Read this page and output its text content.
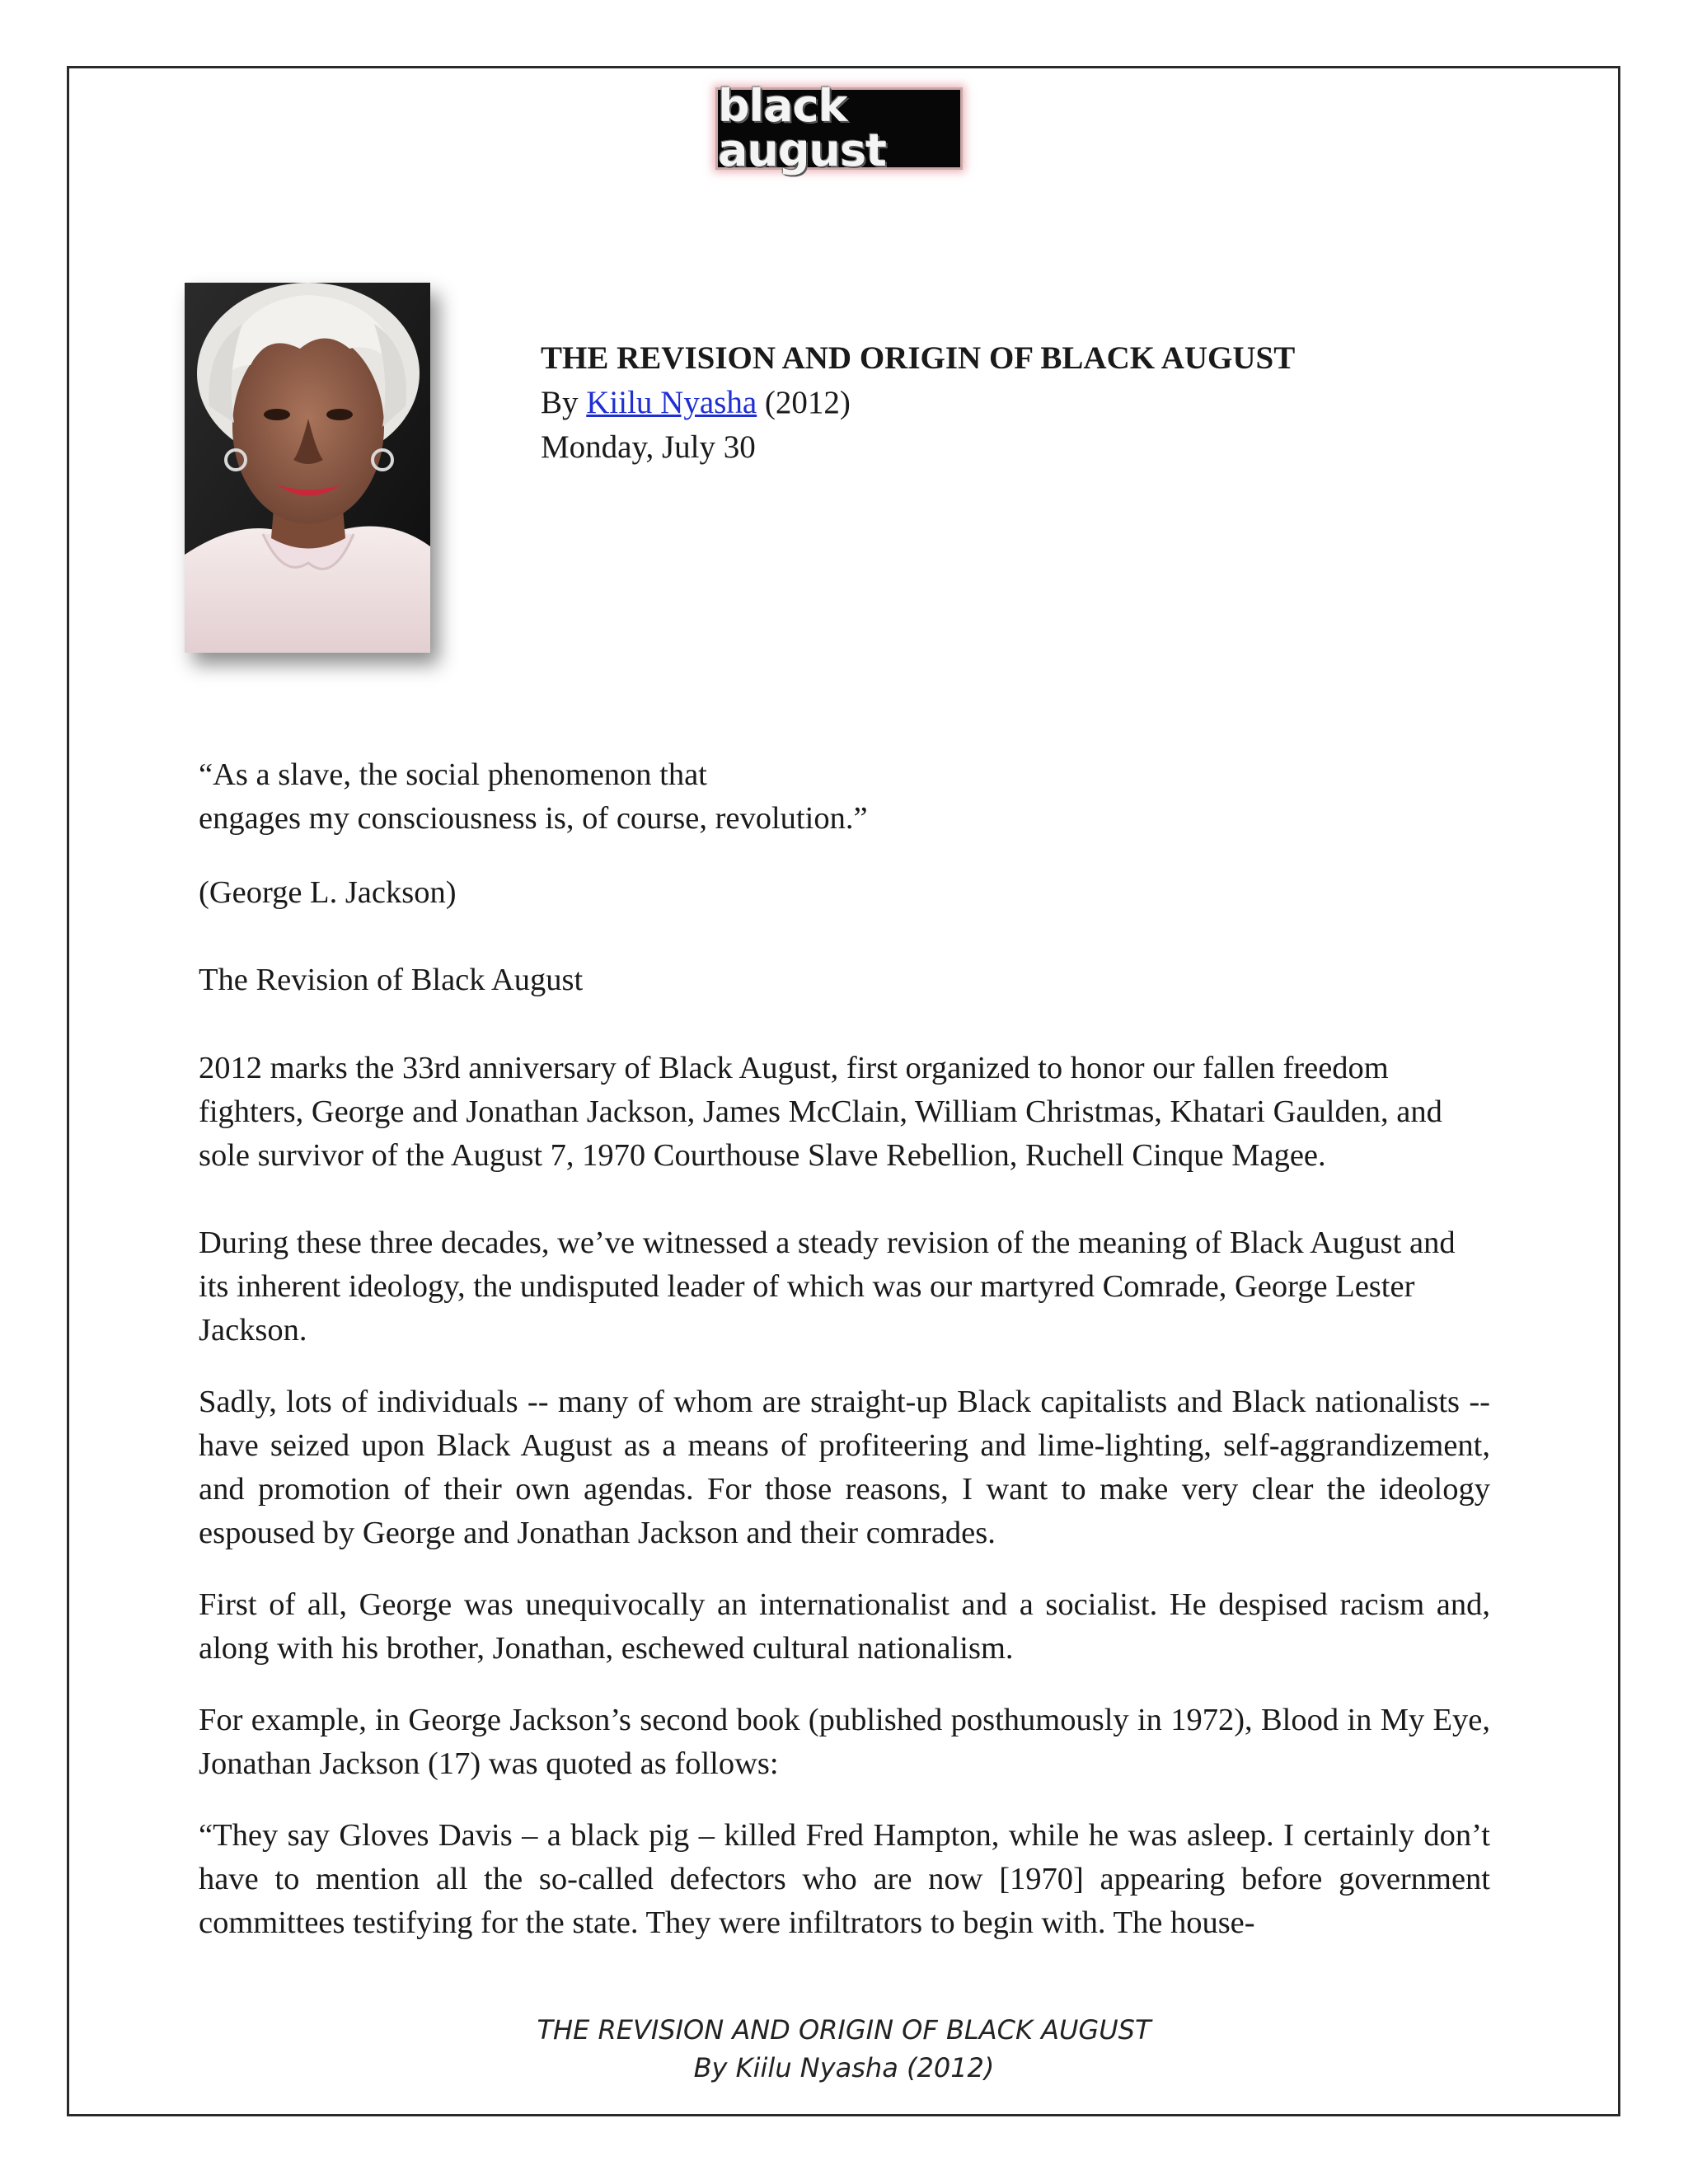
black august
THE REVISION AND ORIGIN OF BLACK AUGUST
By Kiilu Nyasha (2012)
Monday, July 30

“As a slave, the social phenomenon that

engages my consciousness is, of course, revolution.”

(George L. Jackson)
The Revision of Black August
2012 marks the 33rd anniversary of Black August, first organized to honor our fallen freedom fighters, George and Jonathan Jackson, James McClain, William Christmas, Khatari Gaulden, and sole survivor of the August 7, 1970 Courthouse Slave Rebellion, Ruchell Cinque Magee.
During these three decades, we’ve witnessed a steady revision of the meaning of Black August and its inherent ideology, the undisputed leader of which was our martyred Comrade, George Lester Jackson.
Sadly, lots of individuals -- many of whom are straight-up Black capitalists and Black nationalists -- have seized upon Black August as a means of profiteering and lime-lighting, self-aggrandizement, and promotion of their own agendas. For those reasons, I want to make very clear the ideology espoused by George and Jonathan Jackson and their comrades.
First of all, George was unequivocally an internationalist and a socialist. He despised racism and, along with his brother, Jonathan, eschewed cultural nationalism.
For example, in George Jackson’s second book (published posthumously in 1972), Blood in My Eye, Jonathan Jackson (17) was quoted as follows:
“They say Gloves Davis – a black pig – killed Fred Hampton, while he was asleep. I certainly don’t have to mention all the so-called defectors who are now [1970] appearing before government committees testifying for the state. They were infiltrators to begin with. The house-
THE REVISION AND ORIGIN OF BLACK AUGUST
By Kiilu Nyasha (2012)
